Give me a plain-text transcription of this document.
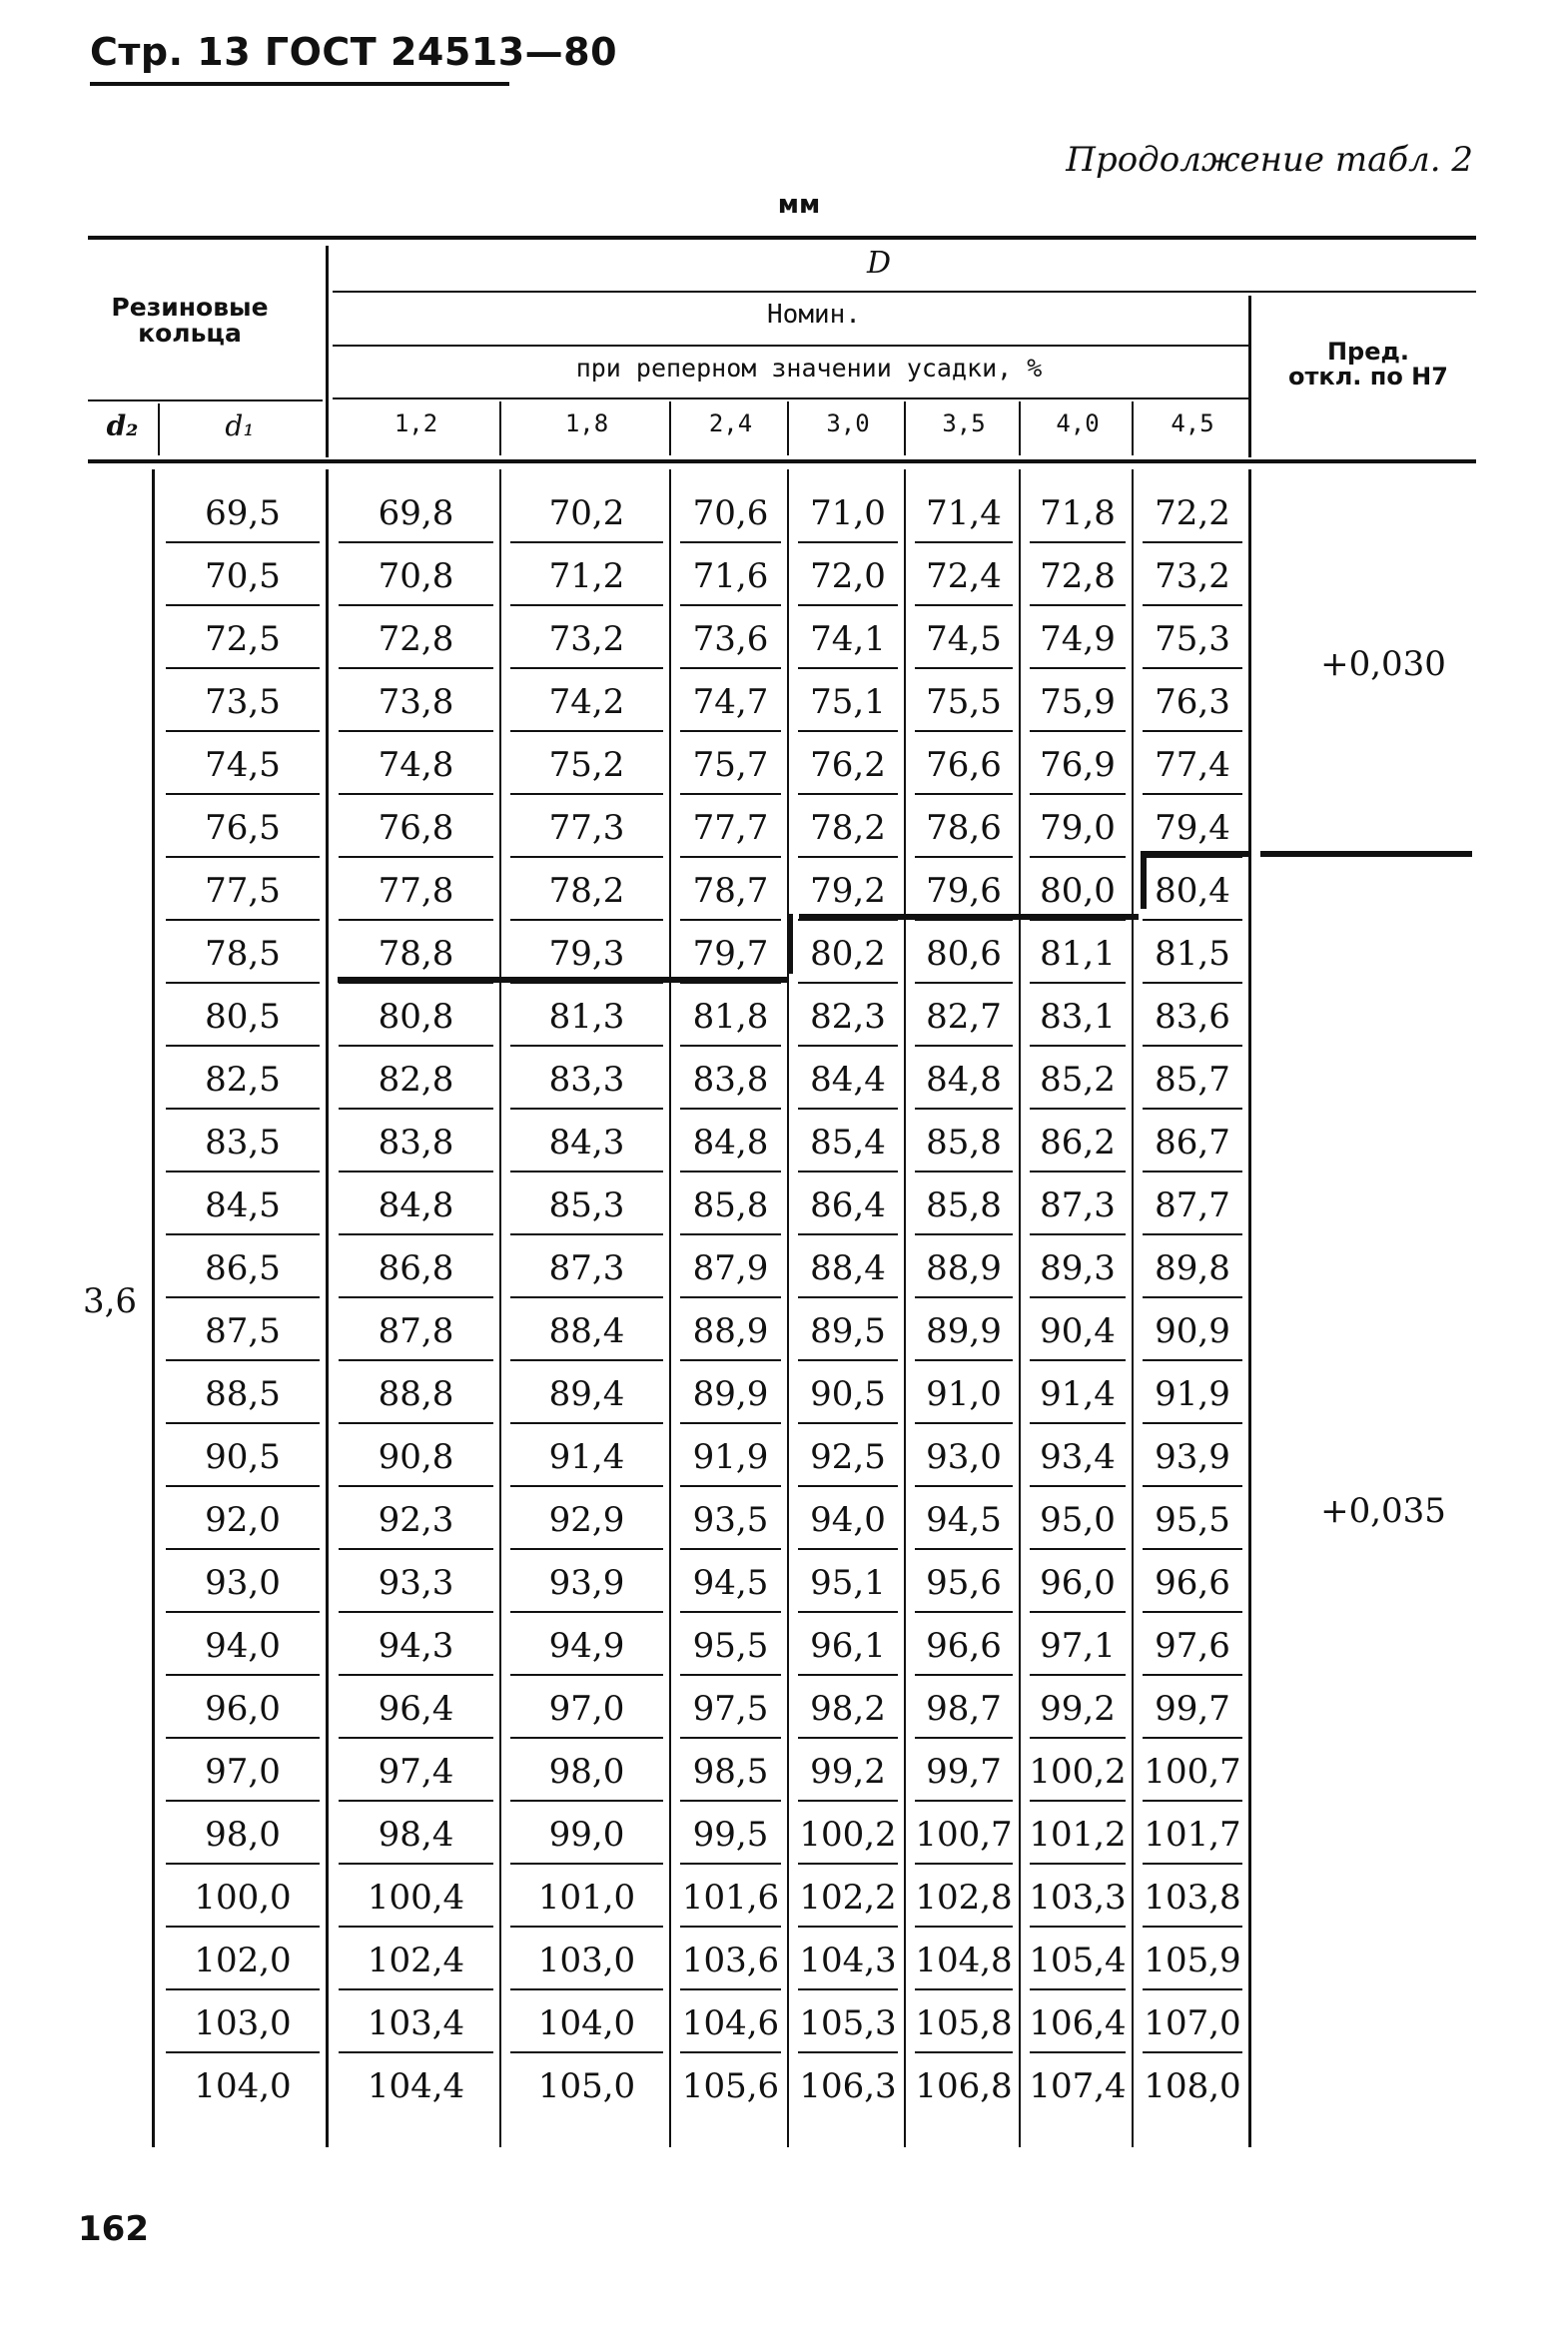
Стр. 13 ГОСТ 24513—80
Продолжение табл. 2
мм
Резиновые кольца
d₂	d₁
D
Номин.
при реперном значении усадки, %
Пред. откл. по Н7
1,2	1,8	2,4	3,0	3,5	4,0	4,5
3,6
+0,030
+0,035
69,5	69,8	70,2	70,6	71,0	71,4	71,8	72,2
70,5	70,8	71,2	71,6	72,0	72,4	72,8	73,2
72,5	72,8	73,2	73,6	74,1	74,5	74,9	75,3
73,5	73,8	74,2	74,7	75,1	75,5	75,9	76,3
74,5	74,8	75,2	75,7	76,2	76,6	76,9	77,4
76,5	76,8	77,3	77,7	78,2	78,6	79,0	79,4
77,5	77,8	78,2	78,7	79,2	79,6	80,0	80,4
78,5	78,8	79,3	79,7	80,2	80,6	81,1	81,5
80,5	80,8	81,3	81,8	82,3	82,7	83,1	83,6
82,5	82,8	83,3	83,8	84,4	84,8	85,2	85,7
83,5	83,8	84,3	84,8	85,4	85,8	86,2	86,7
84,5	84,8	85,3	85,8	86,4	85,8	87,3	87,7
86,5	86,8	87,3	87,9	88,4	88,9	89,3	89,8
87,5	87,8	88,4	88,9	89,5	89,9	90,4	90,9
88,5	88,8	89,4	89,9	90,5	91,0	91,4	91,9
90,5	90,8	91,4	91,9	92,5	93,0	93,4	93,9
92,0	92,3	92,9	93,5	94,0	94,5	95,0	95,5
93,0	93,3	93,9	94,5	95,1	95,6	96,0	96,6
94,0	94,3	94,9	95,5	96,1	96,6	97,1	97,6
96,0	96,4	97,0	97,5	98,2	98,7	99,2	99,7
97,0	97,4	98,0	98,5	99,2	99,7 100,2 100,7
98,0	98,4	99,0	99,5 100,2 100,7 101,2 101,7
100,0	100,4	101,0	101,6 102,2 102,8 103,3 103,8
102,0	102,4	103,0	103,6 104,3 104,8 105,4 105,9
103,0	103,4	104,0	104,6 105,3 105,8 106,4 107,0
104,0	104,4	105,0	105,6 106,3 106,8 107,4 108,0
162
